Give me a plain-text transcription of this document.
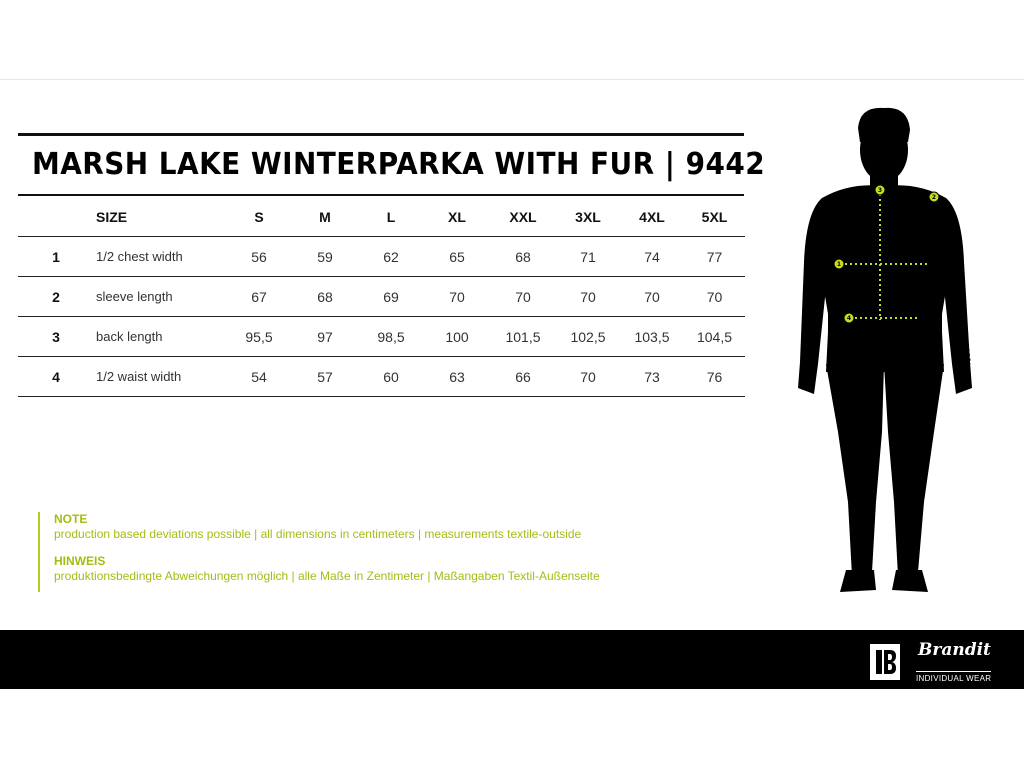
MARSH LAKE WINTERPARKA WITH FUR | 9442
	SIZE	S	M	L	XL	XXL	3XL	4XL	5XL
1	1/2 chest width	56	59	62	65	68	71	74	77
2	sleeve length	67	68	69	70	70	70	70	70
3	back length	95,5	97	98,5	100	101,5	102,5	103,5	104,5
4	1/2 waist width	54	57	60	63	66	70	73	76
NOTE
production based deviations possible | all dimensions in centimeters | measurements textile-outside
HINWEIS
produktionsbedingte Abweichungen möglich | alle Maße in Zentimeter | Maßangaben Textil-Außenseite
3
2
1
4
Brandit
INDIVIDUAL WEAR
